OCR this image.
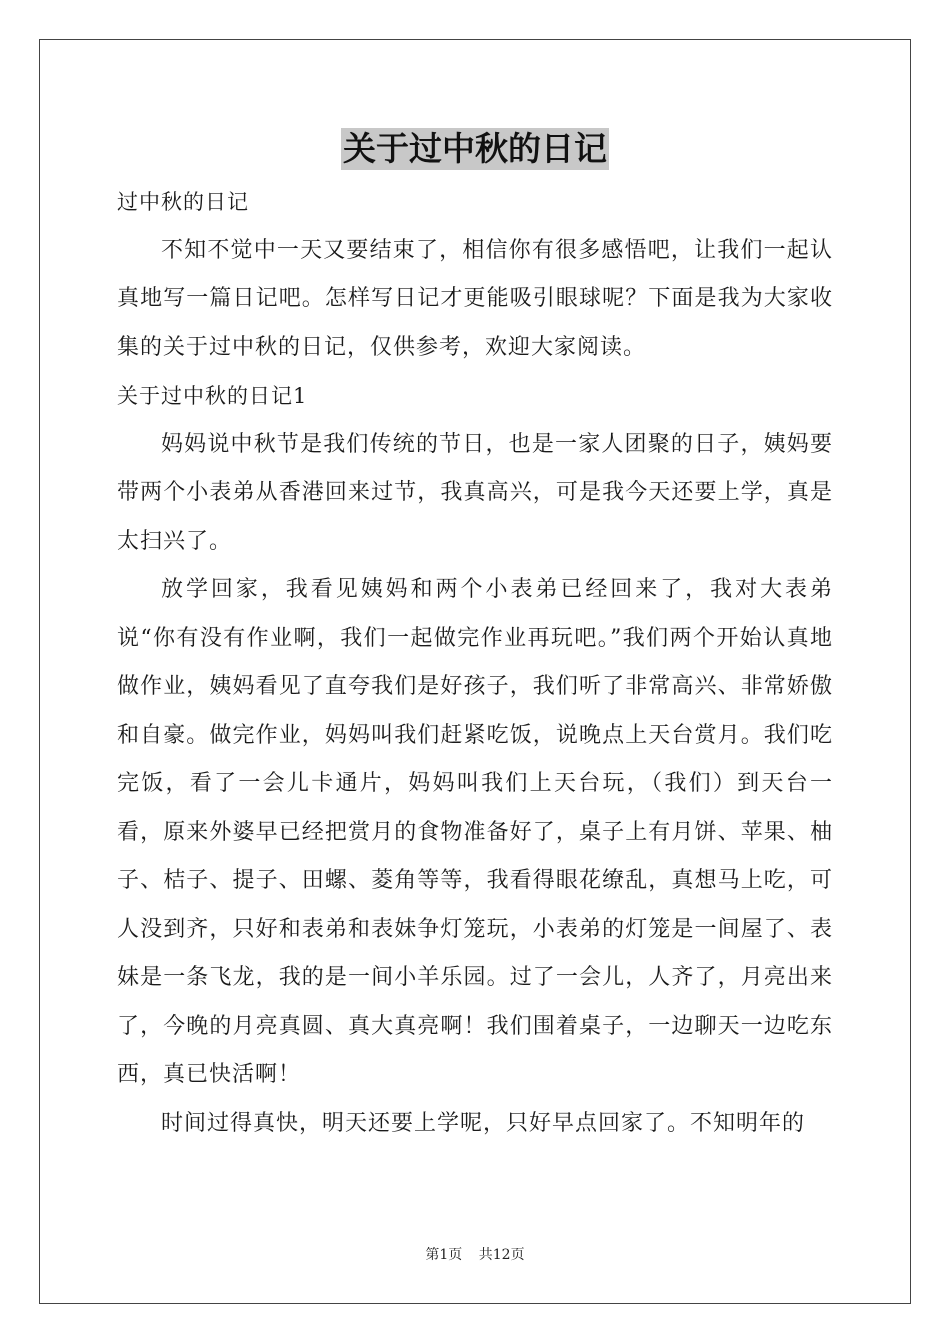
关于过中秋的日记

过中秋的日记

不知不觉中一天又要结束了，相信你有很多感悟吧，让我们一起认真地写一篇日记吧。怎样写日记才更能吸引眼球呢？下面是我为大家收集的关于过中秋的日记，仅供参考，欢迎大家阅读。

关于过中秋的日记1

妈妈说中秋节是我们传统的节日，也是一家人团聚的日子，姨妈要带两个小表弟从香港回来过节，我真高兴，可是我今天还要上学，真是太扫兴了。

放学回家，我看见姨妈和两个小表弟已经回来了，我对大表弟说“你有没有作业啊，我们一起做完作业再玩吧。”我们两个开始认真地做作业，姨妈看见了直夸我们是好孩子，我们听了非常高兴、非常娇傲和自豪。做完作业，妈妈叫我们赶紧吃饭，说晚点上天台赏月。我们吃完饭，看了一会儿卡通片，妈妈叫我们上天台玩，（我们）到天台一看，原来外婆早已经把赏月的食物准备好了，桌子上有月饼、苹果、柚子、桔子、提子、田螺、菱角等等，我看得眼花缭乱，真想马上吃，可人没到齐，只好和表弟和表妹争灯笼玩，小表弟的灯笼是一间屋了、表妹是一条飞龙，我的是一间小羊乐园。过了一会儿，人齐了，月亮出来了，今晚的月亮真圆、真大真亮啊！我们围着桌子，一边聊天一边吃东西，真已快活啊！

时间过得真快，明天还要上学呢，只好早点回家了。不知明年的

第1页 共12页
